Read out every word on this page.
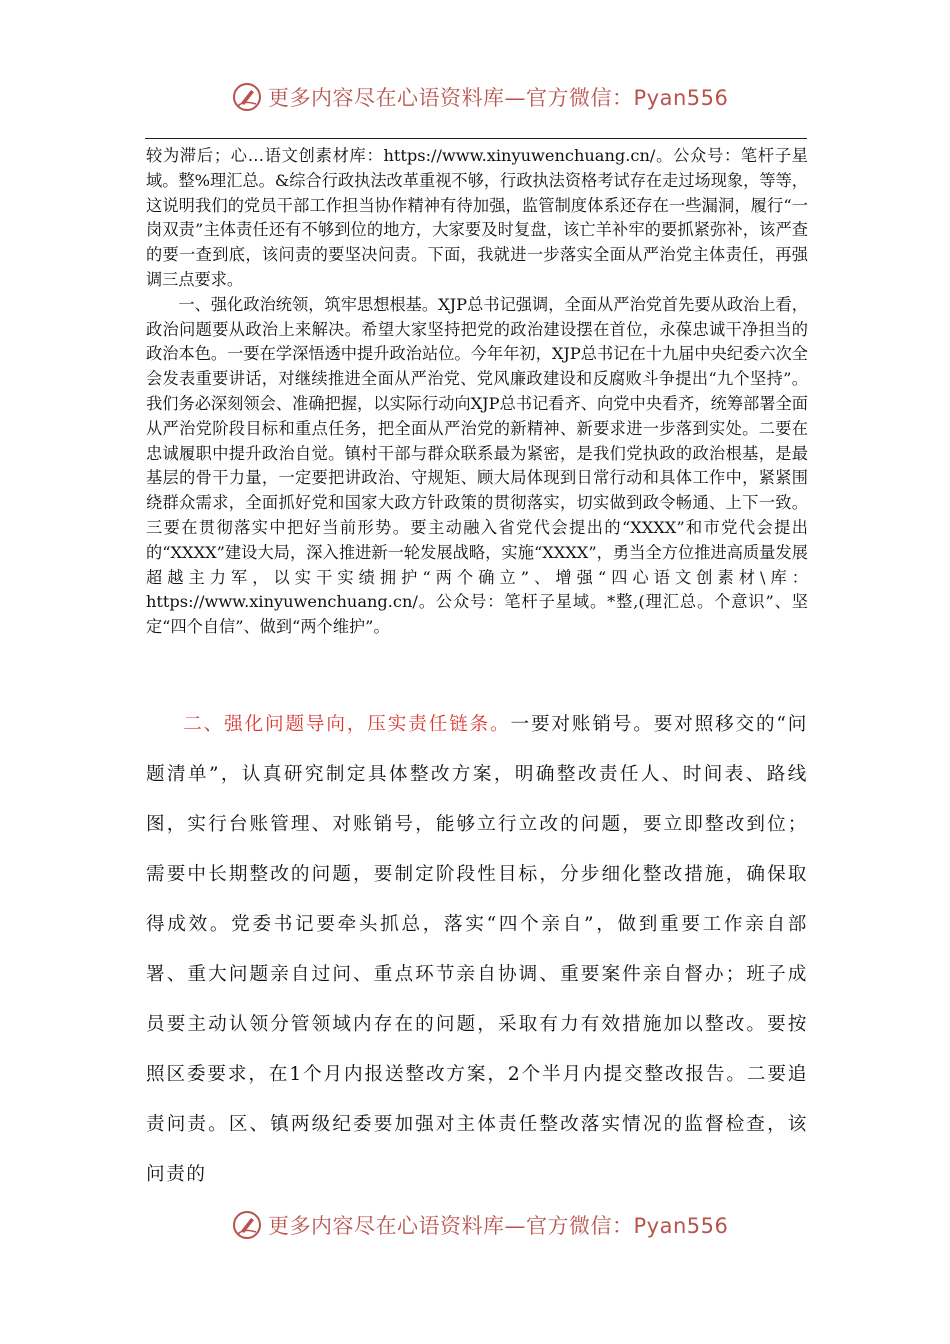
更多内容尽在心语资料库—官方微信：Pyan556

较为滞后；心…语文创素材库：https://www.xinyuwenchuang.cn/。公众号：笔杆子星域。整%理汇总。&综合行政执法改革重视不够，行政执法资格考试存在走过场现象，等等，这说明我们的党员干部工作担当协作精神有待加强，监管制度体系还存在一些漏洞，履行“一岗双责”主体责任还有不够到位的地方，大家要及时复盘，该亡羊补牢的要抓紧弥补，该严查的要一查到底，该问责的要坚决问责。下面，我就进一步落实全面从严治党主体责任，再强调三点要求。

一、强化政治统领，筑牢思想根基。XJP总书记强调，全面从严治党首先要从政治上看，政治问题要从政治上来解决。希望大家坚持把党的政治建设摆在首位，永葆忠诚干净担当的政治本色。一要在学深悟透中提升政治站位。今年年初，XJP总书记在十九届中央纪委六次全会发表重要讲话，对继续推进全面从严治党、党风廉政建设和反腐败斗争提出“九个坚持”。我们务必深刻领会、准确把握，以实际行动向XJP总书记看齐、向党中央看齐，统筹部署全面从严治党阶段目标和重点任务，把全面从严治党的新精神、新要求进一步落到实处。二要在忠诚履职中提升政治自觉。镇村干部与群众联系最为紧密，是我们党执政的政治根基，是最基层的骨干力量，一定要把讲政治、守规矩、顾大局体现到日常行动和具体工作中，紧紧围绕群众需求，全面抓好党和国家大政方针政策的贯彻落实，切实做到政令畅通、上下一致。三要在贯彻落实中把好当前形势。要主动融入省党代会提出的“XXXX”和市党代会提出的“XXXX”建设大局，深入推进新一轮发展战略，实施“XXXX”，勇当全方位推进高质量发展超越主力军，以实干实绩拥护“两个确立”、增强“四心语文创素材\库：https://www.xinyuwenchuang.cn/。公众号：笔杆子星域。*整,(理汇总。个意识”、坚定“四个自信”、做到“两个维护”。

二、强化问题导向，压实责任链条。一要对账销号。要对照移交的“问题清单”，认真研究制定具体整改方案，明确整改责任人、时间表、路线图，实行台账管理、对账销号，能够立行立改的问题，要立即整改到位；需要中长期整改的问题，要制定阶段性目标，分步细化整改措施，确保取得成效。党委书记要牵头抓总，落实“四个亲自”，做到重要工作亲自部署、重大问题亲自过问、重点环节亲自协调、重要案件亲自督办；班子成员要主动认领分管领域内存在的问题，采取有力有效措施加以整改。要按照区委要求，在1个月内报送整改方案，2个半月内提交整改报告。二要追责问责。区、镇两级纪委要加强对主体责任整改落实情况的监督检查，该问责的

更多内容尽在心语资料库—官方微信：Pyan556
